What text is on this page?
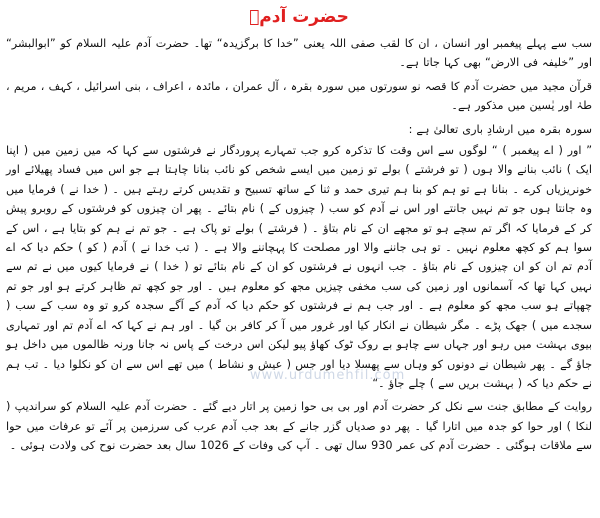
حضرت آدمؑ
سب سے پہلے پیغمبر اور انسان ، ان کا لقب صفی اللہ یعنی ”خدا کا برگزیدہ“ تھا۔ حضرت آدم علیہ السلام کو ”ابوالبشر“ اور ”خلیفہ فی الارض“ بھی کہا جاتا ہے۔
قرآن مجید میں حضرت آدم کا قصہ نو سورتوں میں سورہ بقرہ ، آل عمران ، مائدہ ، اعراف ، بنی اسرائیل ، کہف ، مریم ، طہٰ اور یٰسین میں مذکور ہے۔
سورہ بقرہ میں ارشادِ باری تعالیٰ ہے :
” اور ( اے پیغمبر ) “ لوگوں سے اس وقت کا تذکرہ کرو جب تمہارے پروردگار نے فرشتوں سے کہا کہ میں زمین میں ( اپنا ایک ) نائب بنانے والا ہوں ( تو فرشتے ) بولے تو زمین میں ایسے شخص کو نائب بنانا چاہتا ہے جو اس میں فساد پھیلائے اور خونریزیاں کرے ۔ بنانا ہے تو ہم کو بنا ہم تیری حمد و ثنا کے ساتھ تسبیح و تقدیس کرتے رہتے ہیں ۔ ( خدا نے ) فرمایا میں وہ جانتا ہوں جو تم نہیں جانتے اور اس نے آدم کو سب ( چیزوں کے ) نام بتائے ۔ پھر ان چیزوں کو فرشتوں کے روبرو پیش کر کے فرمایا کہ اگر تم سچے ہو تو مجھے ان کے نام بتاؤ ۔ ( فرشتے ) بولے تو پاک ہے ۔ جو تم نے ہم کو بتایا ہے ، اس کے سوا ہم کو کچھ معلوم نہیں ۔ تو ہی جاننے والا اور مصلحت کا پہچاننے والا ہے ۔ ( تب خدا نے ) آدم ( کو ) حکم دیا کہ اے آدم تم ان کو ان چیزوں کے نام بتاؤ ۔ جب انہوں نے فرشتوں کو ان کے نام بتائے تو ( خدا ) نے فرمایا کیوں میں نے تم سے نہیں کہا تھا کہ آسمانوں اور زمین کی سب مخفی چیزیں مجھ کو معلوم ہیں ۔ اور جو کچھ تم ظاہر کرتے ہو اور جو تم چھپاتے ہو سب مجھ کو معلوم ہے ۔ اور جب ہم نے فرشتوں کو حکم دیا کہ آدم کے آگے سجدہ کرو تو وہ سب کے سب ( سجدے میں ) جھک پڑے ۔ مگر شیطان نے انکار کیا اور غرور میں آ کر کافر بن گیا ۔ اور ہم نے کہا کہ اے آدم تم اور تمہاری بیوی بہشت میں رہو اور جہاں سے چاہو بے روک ٹوک کھاؤ پیو لیکن اس درخت کے پاس نہ جانا ورنہ ظالموں میں داخل ہو جاؤ گے ۔ پھر شیطان نے دونوں کو وہاں سے پھسلا دیا اور جس ( عیش و نشاط ) میں تھے اس سے ان کو نکلوا دیا ۔ تب ہم نے حکم دیا کہ ( بہشت بریں سے ) چلے جاؤ ۔“
روایت کے مطابق جنت سے نکل کر حضرت آدم اور بی بی حوا زمین پر اتار دیے گئے ۔ حضرت آدم علیہ السلام کو سراندیپ ( لنکا ) اور حوا کو جدہ میں اتارا گیا ۔ پھر دو صدیاں گزر جانے کے بعد جب آدم عرب کی سرزمین پر آئے تو عرفات میں حوا سے ملاقات ہوگئی ۔ حضرت آدم کی عمر 930 سال تھی ۔ آپ کی وفات کے 1026 سال بعد حضرت نوح کی ولادت ہوئی ۔
www.urdumehfil.com
